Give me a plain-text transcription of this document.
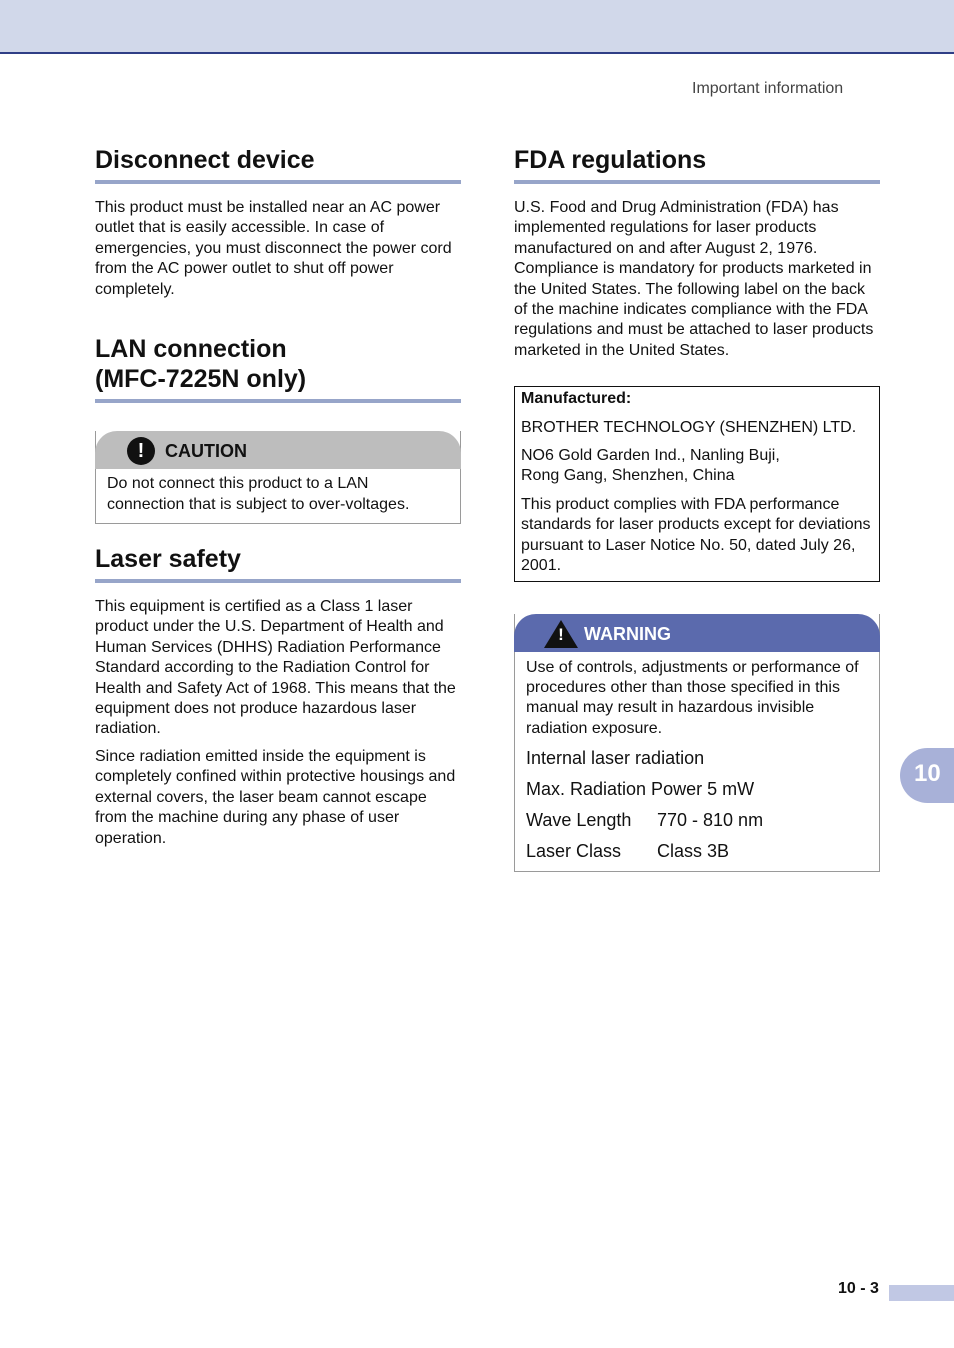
Important information
Disconnect device

This product must be installed near an AC power outlet that is easily accessible. In case of emergencies, you must disconnect the power cord from the AC power outlet to shut off power completely.

LAN connection
(MFC-7225N only)
!	CAUTION
Do not connect this product to a LAN connection that is subject to over-voltages.
Laser safety

This equipment is certified as a Class 1 laser product under the U.S. Department of Health and Human Services (DHHS) Radiation Performance Standard according to the Radiation Control for Health and Safety Act of 1968. This means that the equipment does not produce hazardous laser radiation.

Since radiation emitted inside the equipment is completely confined within protective housings and external covers, the laser beam cannot escape from the machine during any phase of user operation.

FDA regulations

U.S. Food and Drug Administration (FDA) has implemented regulations for laser products manufactured on and after August 2, 1976. Compliance is mandatory for products marketed in the United States. The following label on the back of the machine indicates compliance with the FDA regulations and must be attached to laser products marketed in the United States.

Manufactured:

BROTHER TECHNOLOGY (SHENZHEN) LTD.

NO6 Gold Garden Ind., Nanling Buji,
Rong Gang, Shenzhen, China

This product complies with FDA performance standards for laser products except for deviations pursuant to Laser Notice No. 50, dated July 26, 2001.

! WARNING

Use of controls, adjustments or performance of procedures other than those specified in this manual may result in hazardous invisible radiation exposure.

Internal laser radiation
Max. Radiation Power 5 mW
Wave Length	770 - 810 nm
Laser Class	Class 3B
10
10 - 3
